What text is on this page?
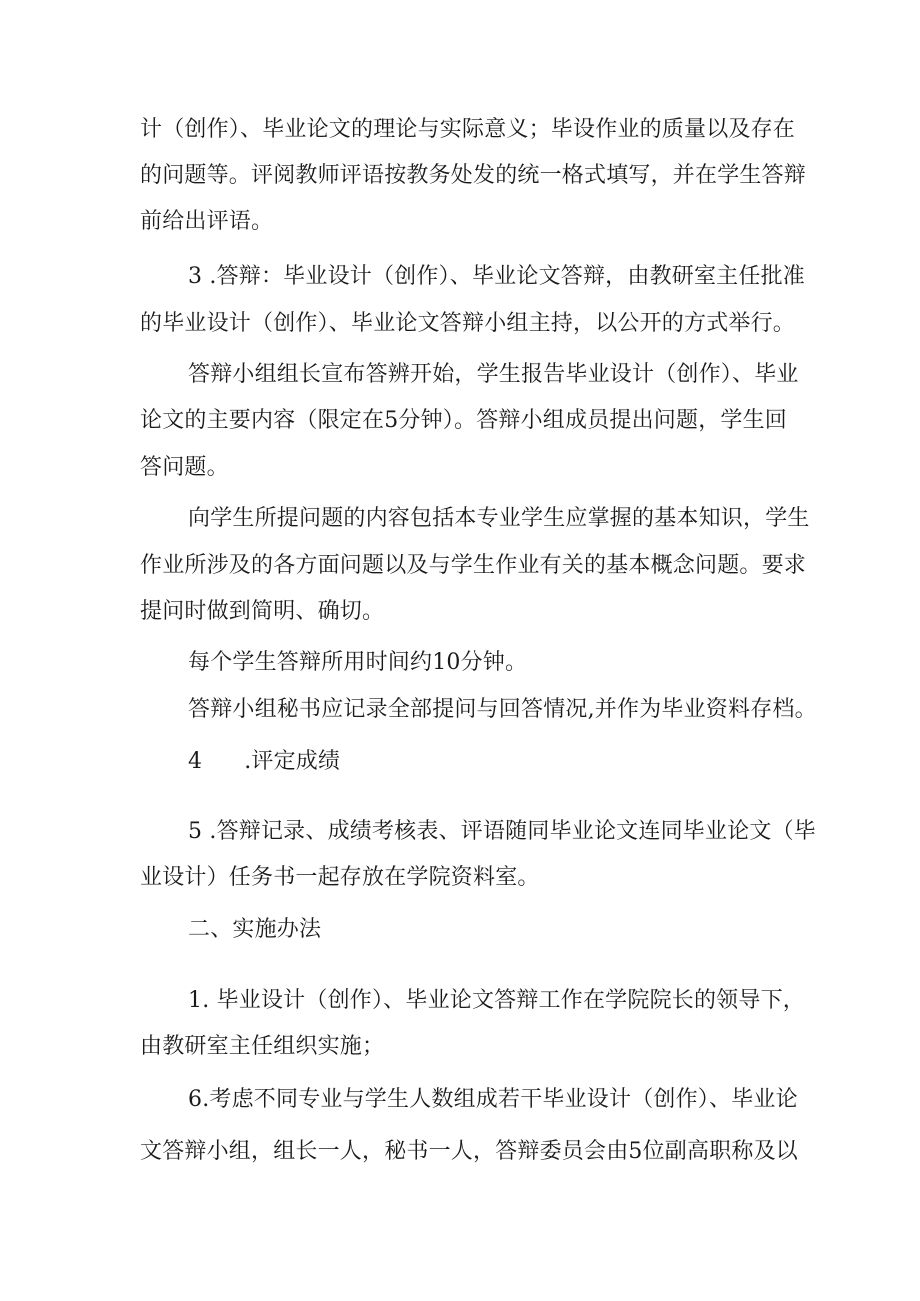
计（创作）、毕业论文的理论与实际意义；毕设作业的质量以及存在
的问题等。评阅教师评语按教务处发的统一格式填写，并在学生答辩
前给出评语。
3 .答辩：毕业设计（创作）、毕业论文答辩，由教研室主任批准
的毕业设计（创作）、毕业论文答辩小组主持，以公开的方式举行。
答辩小组组长宣布答辨开始，学生报告毕业设计（创作）、毕业
论文的主要内容（限定在5分钟）。答辩小组成员提出问题，学生回
答问题。
向学生所提问题的内容包括本专业学生应掌握的基本知识，学生
作业所涉及的各方面问题以及与学生作业有关的基本概念问题。要求
提问时做到简明、确切。
每个学生答辩所用时间约10分钟。
答辩小组秘书应记录全部提问与回答情况,并作为毕业资料存档。
4 .评定成绩
5 .答辩记录、成绩考核表、评语随同毕业论文连同毕业论文（毕
业设计）任务书一起存放在学院资料室。
二、实施办法
1. 毕业设计（创作）、毕业论文答辩工作在学院院长的领导下，
由教研室主任组织实施；
6.考虑不同专业与学生人数组成若干毕业设计（创作）、毕业论
文答辩小组，组长一人，秘书一人，答辩委员会由5位副高职称及以
